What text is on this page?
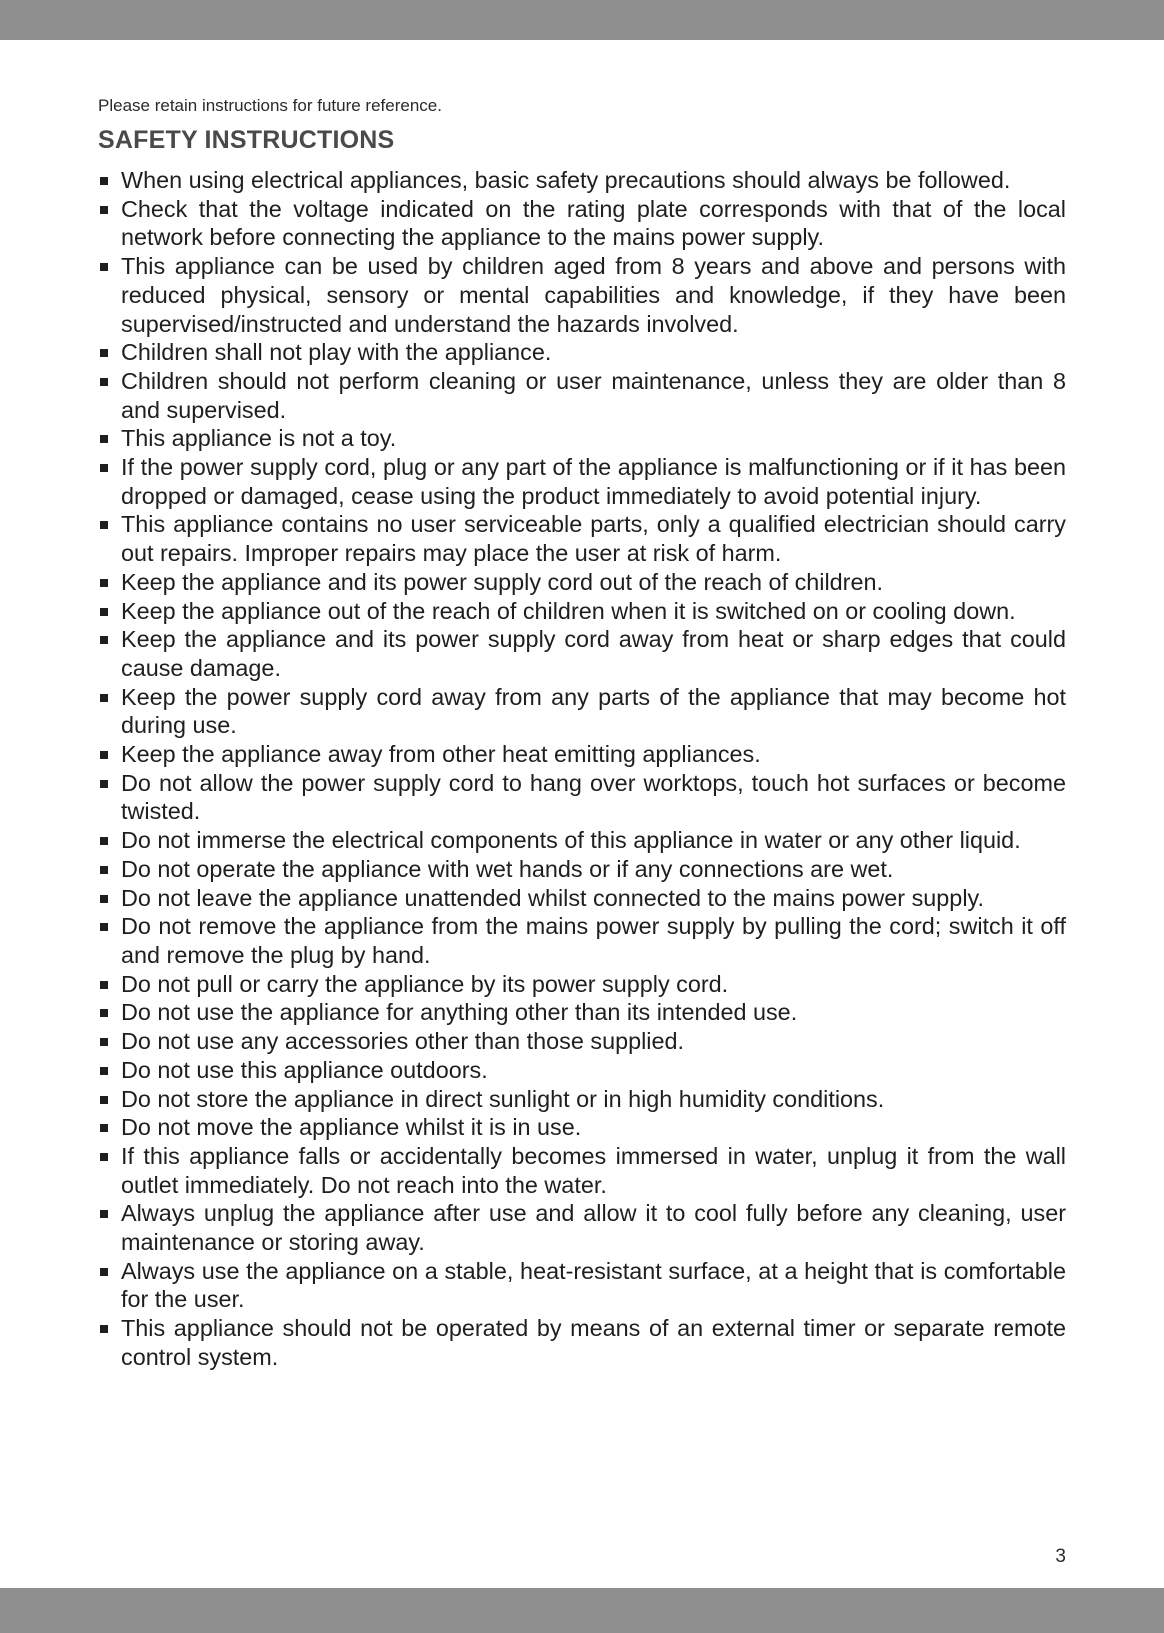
Please retain instructions for future reference.

SAFETY INSTRUCTIONS
When using electrical appliances, basic safety precautions should always be followed.
Check that the voltage indicated on the rating plate corresponds with that of the local network before connecting the appliance to the mains power supply.
This appliance can be used by children aged from 8 years and above and persons with reduced physical, sensory or mental capabilities and knowledge, if they have been supervised/instructed and understand the hazards involved.
Children shall not play with the appliance.
Children should not perform cleaning or user maintenance, unless they are older than 8 and supervised.
This appliance is not a toy.
If the power supply cord, plug or any part of the appliance is malfunctioning or if it has been dropped or damaged, cease using the product immediately to avoid potential injury.
This appliance contains no user serviceable parts, only a qualified electrician should carry out repairs. Improper repairs may place the user at risk of harm.
Keep the appliance and its power supply cord out of the reach of children.
Keep the appliance out of the reach of children when it is switched on or cooling down.
Keep the appliance and its power supply cord away from heat or sharp edges that could cause damage.
Keep the power supply cord away from any parts of the appliance that may become hot during use.
Keep the appliance away from other heat emitting appliances.
Do not allow the power supply cord to hang over worktops, touch hot surfaces or become twisted.
Do not immerse the electrical components of this appliance in water or any other liquid.
Do not operate the appliance with wet hands or if any connections are wet.
Do not leave the appliance unattended whilst connected to the mains power supply.
Do not remove the appliance from the mains power supply by pulling the cord; switch it off and remove the plug by hand.
Do not pull or carry the appliance by its power supply cord.
Do not use the appliance for anything other than its intended use.
Do not use any accessories other than those supplied.
Do not use this appliance outdoors.
Do not store the appliance in direct sunlight or in high humidity conditions.
Do not move the appliance whilst it is in use.
If this appliance falls or accidentally becomes immersed in water, unplug it from the wall outlet immediately. Do not reach into the water.
Always unplug the appliance after use and allow it to cool fully before any cleaning, user maintenance or storing away.
Always use the appliance on a stable, heat-resistant surface, at a height that is comfortable for the user.
This appliance should not be operated by means of an external timer or separate remote control system.
3
